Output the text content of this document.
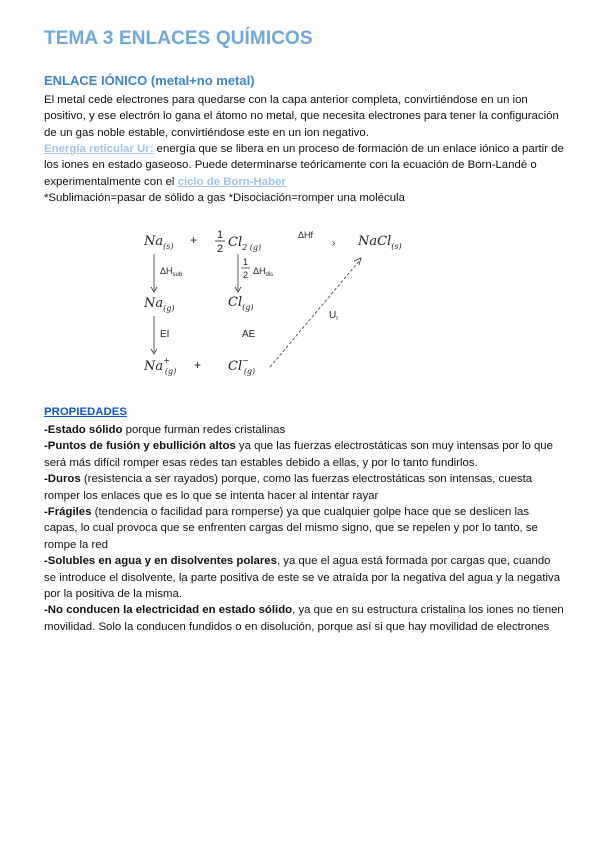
TEMA 3 ENLACES QUÍMICOS
ENLACE IÓNICO (metal+no metal)

El metal cede electrones para quedarse con la capa anterior completa, convirtiéndose en un ion positivo, y ese electrón lo gana el átomo no metal, que necesita electrones para tener la configuración de un gas noble estable, convirtiéndose este en un ion negativo.

Energía reticular Ur: energía que se libera en un proceso de formación de un enlace iónico a partir de los iones en estado gaseoso. Puede determinarse teóricamente con la ecuación de Born-Landé o experimentalmente con el ciclo de Born-Haber

*Sublimación=pasar de sólido a gas *Disociación=romper una molécula

$Na_{(s)} + 1$
2 $Cl_{2 (g)}$
ΔHf
› NaCl$_{(s)}$
$\Delta H_{sub}$
1
2 $\Delta H_{dis}$
$Na_{(g)}$	$Cl_{(g)}$
$U_r$
EI	AE
Na+ (g) + Cl− (g)
PROPIEDADES
-Estado sólido porque furman redes cristalinas
-Puntos de fusión y ebullición altos ya que las fuerzas electrostáticas son muy intensas por lo que será más difícil romper esas redes tan estables debido a ellas, y por lo tanto fundirlos.
-Duros (resistencia a ser rayados) porque, como las fuerzas electrostáticas son intensas, cuesta romper los enlaces que es lo que se intenta hacer al intentar rayar
-Frágiles (tendencia o facilidad para romperse) ya que cualquier golpe hace que se deslicen las capas, lo cual provoca que se enfrenten cargas del mismo signo, que se repelen y por lo tanto, se rompe la red
-Solubles en agua y en disolventes polares, ya que el agua está formada por cargas que, cuando se introduce el disolvente, la parte positiva de este se ve atraída por la negativa del agua y la negativa por la positiva de la misma.
-No conducen la electricidad en estado sólido, ya que en su estructura cristalina los iones no tienen movilidad. Solo la conducen fundidos o en disolución, porque así si que hay movilidad de electrones
